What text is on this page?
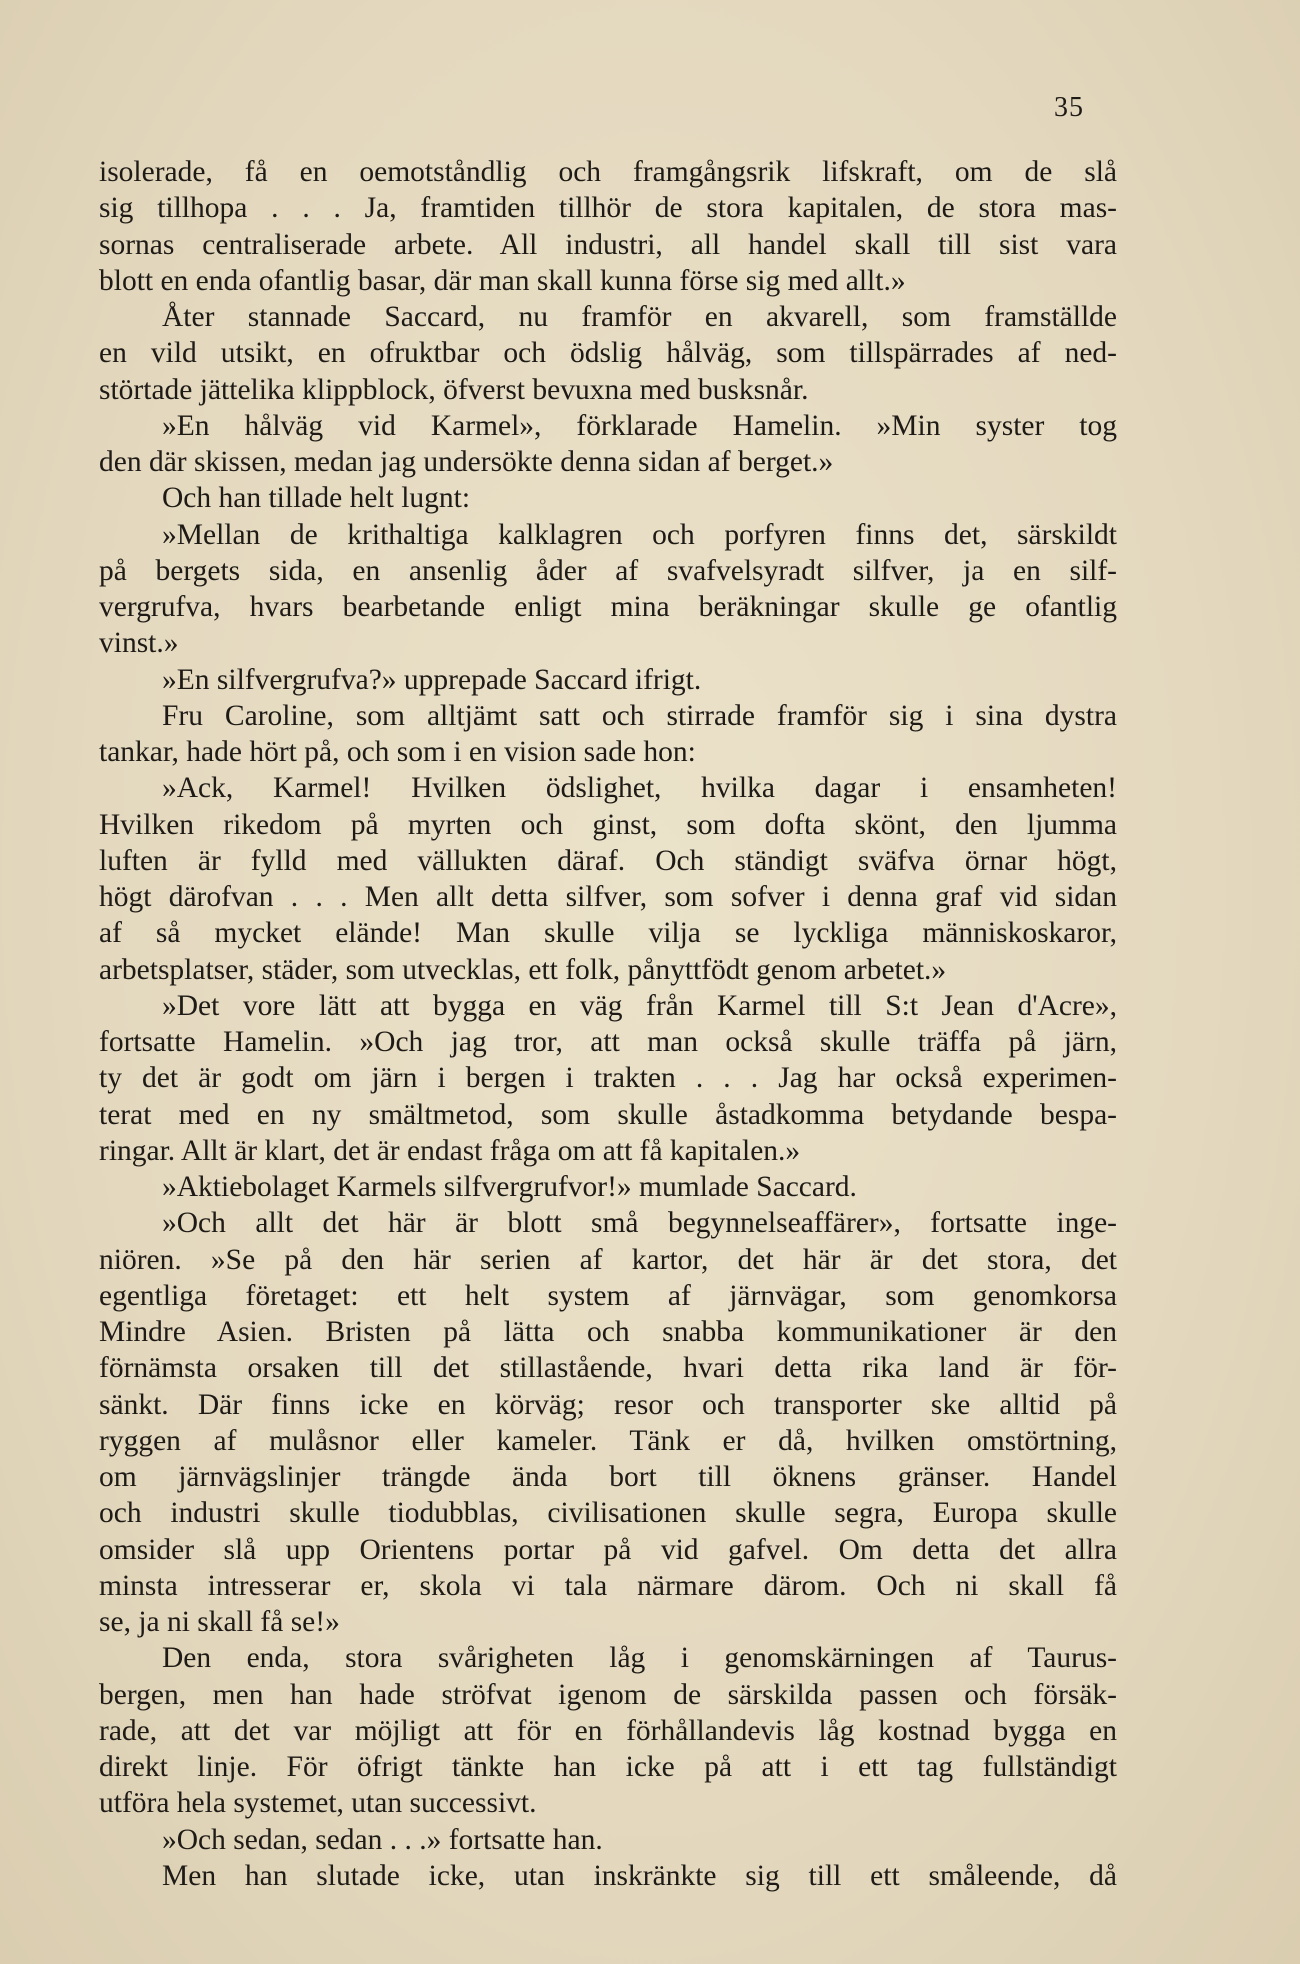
35
isolerade, få en oemotståndlig och framgångsrik lifskraft, om de slå
sig tillhopa . . . Ja, framtiden tillhör de stora kapitalen, de stora mas-
sornas centraliserade arbete. All industri, all handel skall till sist vara
blott en enda ofantlig basar, där man skall kunna förse sig med allt.»
Åter stannade Saccard, nu framför en akvarell, som framställde
en vild utsikt, en ofruktbar och ödslig hålväg, som tillspärrades af ned-
störtade jättelika klippblock, öfverst bevuxna med busksnår.
»En hålväg vid Karmel», förklarade Hamelin. »Min syster tog
den där skissen, medan jag undersökte denna sidan af berget.»
Och han tillade helt lugnt:
»Mellan de krithaltiga kalklagren och porfyren finns det, särskildt
på bergets sida, en ansenlig åder af svafvelsyradt silfver, ja en silf-
vergrufva, hvars bearbetande enligt mina beräkningar skulle ge ofantlig
vinst.»
»En silfvergrufva?» upprepade Saccard ifrigt.
Fru Caroline, som alltjämt satt och stirrade framför sig i sina dystra
tankar, hade hört på, och som i en vision sade hon:
»Ack, Karmel! Hvilken ödslighet, hvilka dagar i ensamheten!
Hvilken rikedom på myrten och ginst, som dofta skönt, den ljumma
luften är fylld med vällukten däraf. Och ständigt sväfva örnar högt,
högt därofvan . . . Men allt detta silfver, som sofver i denna graf vid sidan
af så mycket elände! Man skulle vilja se lyckliga människoskaror,
arbetsplatser, städer, som utvecklas, ett folk, pånyttfödt genom arbetet.»
»Det vore lätt att bygga en väg från Karmel till S:t Jean d'Acre»,
fortsatte Hamelin. »Och jag tror, att man också skulle träffa på järn,
ty det är godt om järn i bergen i trakten . . . Jag har också experimen-
terat med en ny smältmetod, som skulle åstadkomma betydande bespa-
ringar. Allt är klart, det är endast fråga om att få kapitalen.»
»Aktiebolaget Karmels silfvergrufvor!» mumlade Saccard.
»Och allt det här är blott små begynnelseaffärer», fortsatte inge-
niören. »Se på den här serien af kartor, det här är det stora, det
egentliga företaget: ett helt system af järnvägar, som genomkorsa
Mindre Asien. Bristen på lätta och snabba kommunikationer är den
förnämsta orsaken till det stillastående, hvari detta rika land är för-
sänkt. Där finns icke en körväg; resor och transporter ske alltid på
ryggen af mulåsnor eller kameler. Tänk er då, hvilken omstörtning,
om järnvägslinjer trängde ända bort till öknens gränser. Handel
och industri skulle tiodubblas, civilisationen skulle segra, Europa skulle
omsider slå upp Orientens portar på vid gafvel. Om detta det allra
minsta intresserar er, skola vi tala närmare därom. Och ni skall få
se, ja ni skall få se!»
Den enda, stora svårigheten låg i genomskärningen af Taurus-
bergen, men han hade ströfvat igenom de särskilda passen och försäk-
rade, att det var möjligt att för en förhållandevis låg kostnad bygga en
direkt linje. För öfrigt tänkte han icke på att i ett tag fullständigt
utföra hela systemet, utan successivt.
»Och sedan, sedan . . .» fortsatte han.
Men han slutade icke, utan inskränkte sig till ett småleende, då
